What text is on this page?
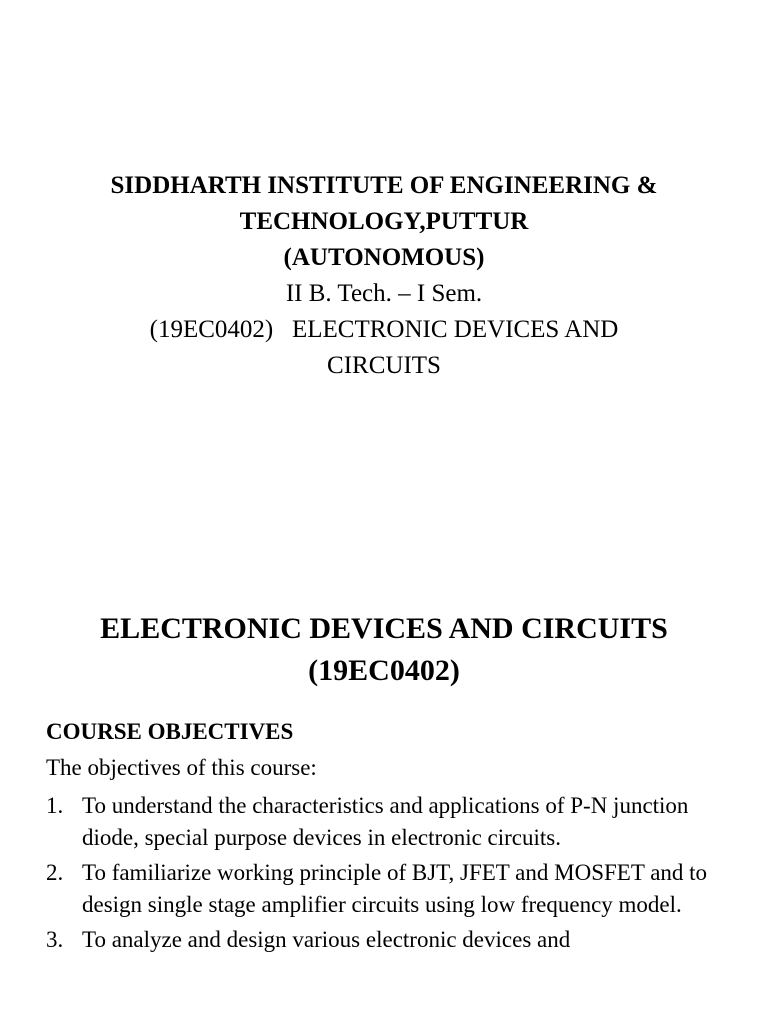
SIDDHARTH INSTITUTE OF ENGINEERING &
TECHNOLOGY,PUTTUR
(AUTONOMOUS)
II B. Tech. – I Sem.
(19EC0402)   ELECTRONIC DEVICES AND
CIRCUITS
ELECTRONIC DEVICES AND CIRCUITS
(19EC0402)
COURSE OBJECTIVES
The objectives of this course:
1. To understand the characteristics and applications of P-N junction diode, special purpose devices in electronic circuits.
2. To familiarize working principle of BJT, JFET and MOSFET and to design single stage amplifier circuits using low frequency model.
3. To analyze and design various electronic devices and
